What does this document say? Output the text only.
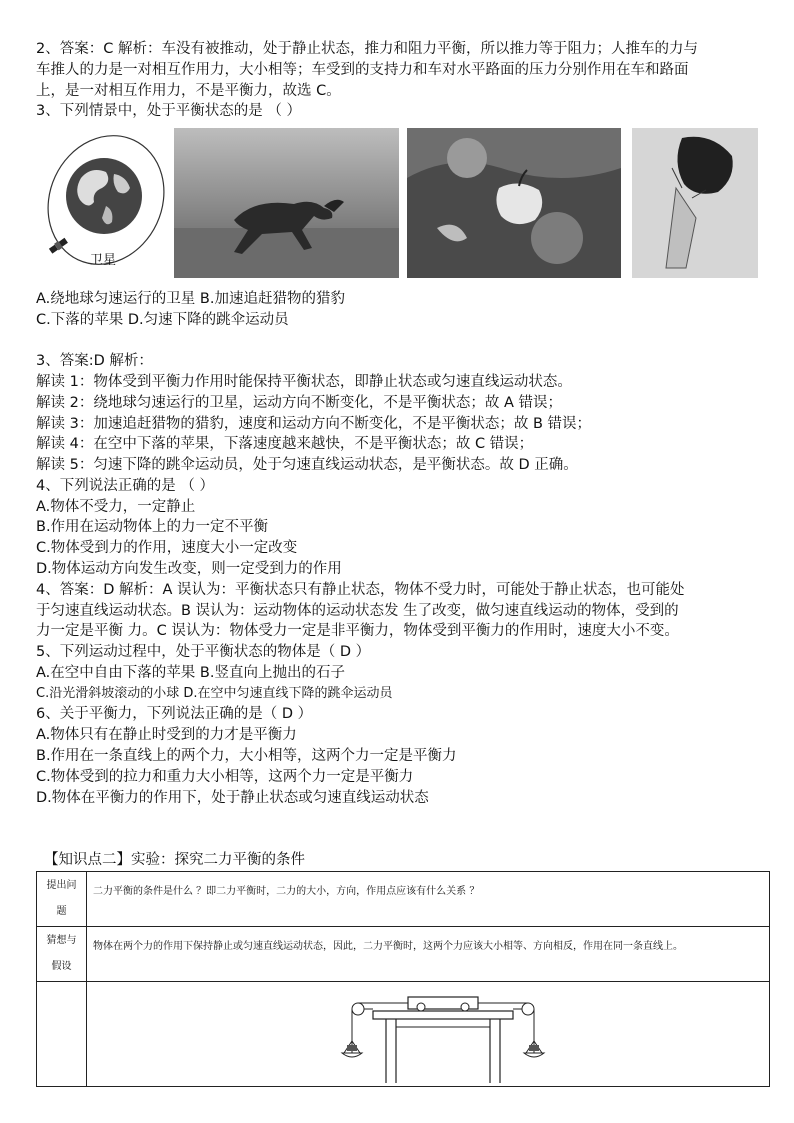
2、答案：C 解析：车没有被推动，处于静止状态，推力和阻力平衡，所以推力等于阻力；人推车的力与
车推人的力是一对相互作用力，大小相等；车受到的支持力和车对水平路面的压力分别作用在车和路面
上，是一对相互作用力，不是平衡力，故选 C。
3、下列情景中，处于平衡状态的是 （ ）
卫星
A.绕地球匀速运行的卫星 B.加速追赶猎物的猎豹
C.下落的苹果 D.匀速下降的跳伞运动员
3、答案:D 解析：
解读 1：物体受到平衡力作用时能保持平衡状态，即静止状态或匀速直线运动状态。
解读 2：绕地球匀速运行的卫星，运动方向不断变化，不是平衡状态；故 A 错误；
解读 3：加速追赶猎物的猎豹，速度和运动方向不断变化，不是平衡状态；故 B 错误；
解读 4：在空中下落的苹果，下落速度越来越快，不是平衡状态；故 C 错误；
解读 5：匀速下降的跳伞运动员，处于匀速直线运动状态，是平衡状态。故 D 正确。
4、下列说法正确的是 （ ）
A.物体不受力，一定静止
B.作用在运动物体上的力一定不平衡
C.物体受到力的作用，速度大小一定改变
D.物体运动方向发生改变，则一定受到力的作用
4、答案：D 解析：A 误认为：平衡状态只有静止状态，物体不受力时，可能处于静止状态，也可能处
于匀速直线运动状态。B 误认为：运动物体的运动状态发 生了改变，做匀速直线运动的物体，受到的
力一定是平衡 力。C 误认为：物体受力一定是非平衡力，物体受到平衡力的作用时，速度大小不变。
5、下列运动过程中，处于平衡状态的物体是（ D ）
A.在空中自由下落的苹果 B.竖直向上抛出的石子
C.沿光滑斜坡滚动的小球 D.在空中匀速直线下降的跳伞运动员
6、关于平衡力，下列说法正确的是（ D ）
A.物体只有在静止时受到的力才是平衡力
B.作用在一条直线上的两个力，大小相等，这两个力一定是平衡力
C.物体受到的拉力和重力大小相等，这两个力一定是平衡力
D.物体在平衡力的作用下，处于静止状态或匀速直线运动状态
【知识点二】实验：探究二力平衡的条件
提出问
题	二力平衡的条件是什么 ？即二力平衡时，二力的大小，方向，作用点应该有什么关系 ？

猜想与
假设	物体在两个力的作用下保持静止或匀速直线运动状态，因此，二力平衡时，这两个力应该大小相等、方向相反，作用在同一条直线上。
